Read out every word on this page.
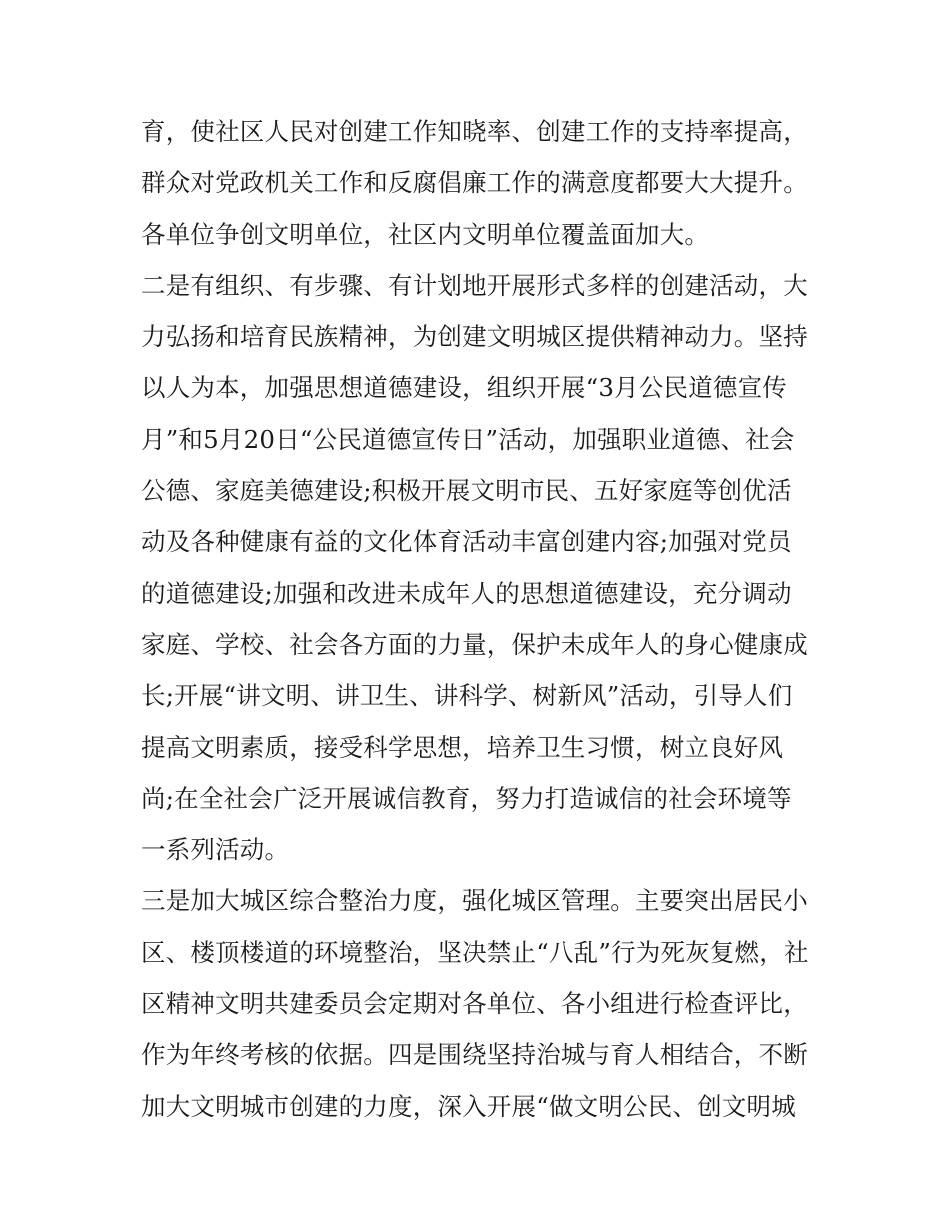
育，使社区人民对创建工作知晓率、创建工作的支持率提高，
群众对党政机关工作和反腐倡廉工作的满意度都要大大提升。
各单位争创文明单位，社区内文明单位覆盖面加大。
二是有组织、有步骤、有计划地开展形式多样的创建活动，大
力弘扬和培育民族精神，为创建文明城区提供精神动力。坚持
以人为本，加强思想道德建设，组织开展“3月公民道德宣传
月”和5月20日“公民道德宣传日”活动，加强职业道德、社会
公德、家庭美德建设;积极开展文明市民、五好家庭等创优活
动及各种健康有益的文化体育活动丰富创建内容;加强对党员
的道德建设;加强和改进未成年人的思想道德建设，充分调动
家庭、学校、社会各方面的力量，保护未成年人的身心健康成
长;开展“讲文明、讲卫生、讲科学、树新风”活动，引导人们
提高文明素质，接受科学思想，培养卫生习惯，树立良好风
尚;在全社会广泛开展诚信教育，努力打造诚信的社会环境等
一系列活动。
三是加大城区综合整治力度，强化城区管理。主要突出居民小
区、楼顶楼道的环境整治，坚决禁止“八乱”行为死灰复燃，社
区精神文明共建委员会定期对各单位、各小组进行检查评比，
作为年终考核的依据。四是围绕坚持治城与育人相结合，不断
加大文明城市创建的力度，深入开展“做文明公民、创文明城
